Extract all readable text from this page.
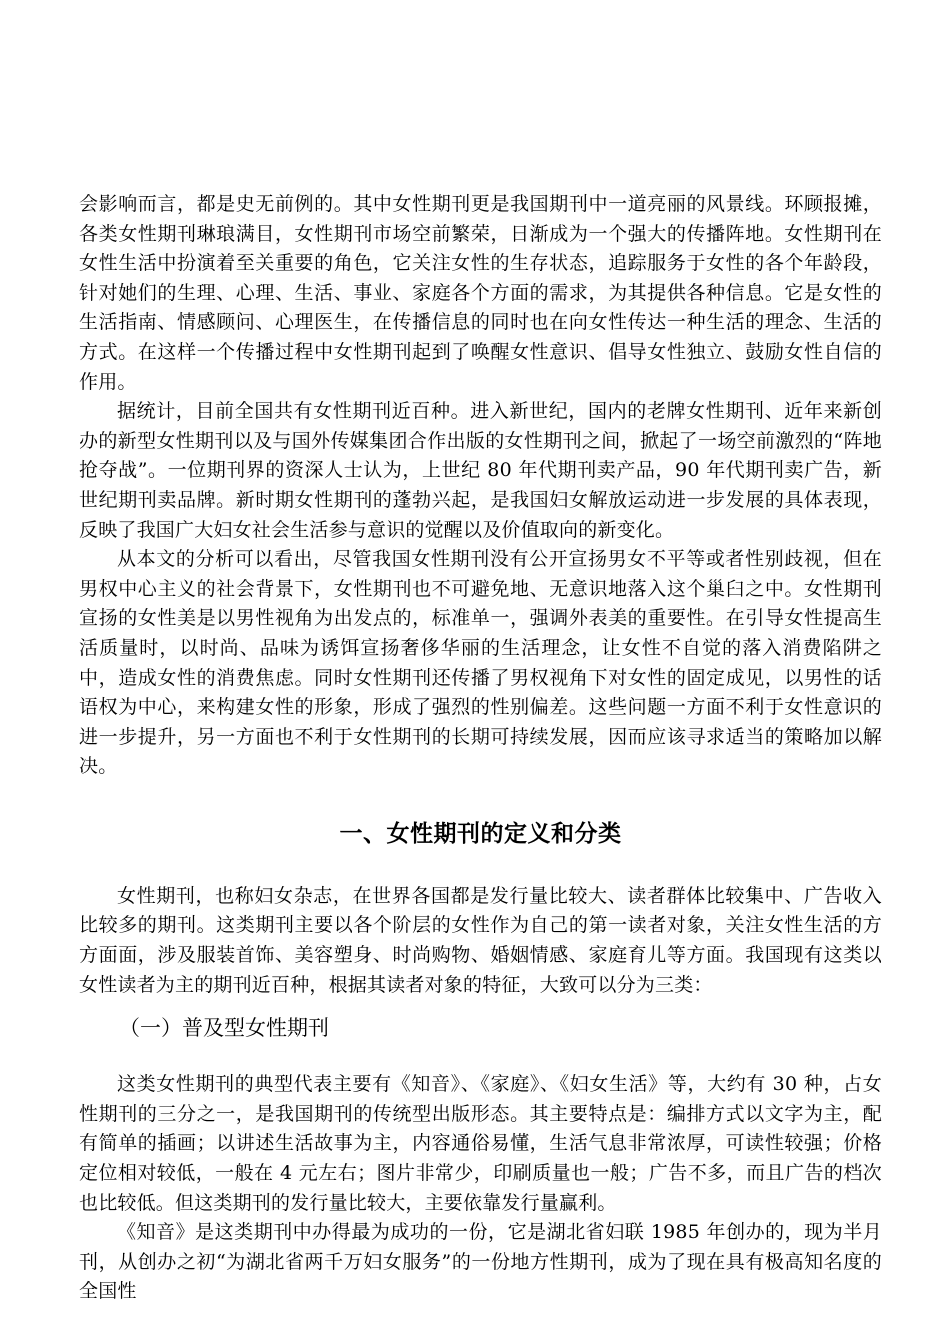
会影响而言，都是史无前例的。其中女性期刊更是我国期刊中一道亮丽的风景线。环顾报摊，各类女性期刊琳琅满目，女性期刊市场空前繁荣，日渐成为一个强大的传播阵地。女性期刊在女性生活中扮演着至关重要的角色，它关注女性的生存状态，追踪服务于女性的各个年龄段，针对她们的生理、心理、生活、事业、家庭各个方面的需求，为其提供各种信息。它是女性的生活指南、情感顾问、心理医生，在传播信息的同时也在向女性传达一种生活的理念、生活的方式。在这样一个传播过程中女性期刊起到了唤醒女性意识、倡导女性独立、鼓励女性自信的作用。

据统计，目前全国共有女性期刊近百种。进入新世纪，国内的老牌女性期刊、近年来新创办的新型女性期刊以及与国外传媒集团合作出版的女性期刊之间，掀起了一场空前激烈的“阵地抢夺战”。一位期刊界的资深人士认为，上世纪 80 年代期刊卖产品，90 年代期刊卖广告，新世纪期刊卖品牌。新时期女性期刊的蓬勃兴起，是我国妇女解放运动进一步发展的具体表现，反映了我国广大妇女社会生活参与意识的觉醒以及价值取向的新变化。

从本文的分析可以看出，尽管我国女性期刊没有公开宣扬男女不平等或者性别歧视，但在男权中心主义的社会背景下，女性期刊也不可避免地、无意识地落入这个巢臼之中。女性期刊宣扬的女性美是以男性视角为出发点的，标准单一，强调外表美的重要性。在引导女性提高生活质量时，以时尚、品味为诱饵宣扬奢侈华丽的生活理念，让女性不自觉的落入消费陷阱之中，造成女性的消费焦虑。同时女性期刊还传播了男权视角下对女性的固定成见，以男性的话语权为中心，来构建女性的形象，形成了强烈的性别偏差。这些问题一方面不利于女性意识的进一步提升，另一方面也不利于女性期刊的长期可持续发展，因而应该寻求适当的策略加以解决。

一、女性期刊的定义和分类

女性期刊，也称妇女杂志，在世界各国都是发行量比较大、读者群体比较集中、广告收入比较多的期刊。这类期刊主要以各个阶层的女性作为自己的第一读者对象，关注女性生活的方方面面，涉及服装首饰、美容塑身、时尚购物、婚姻情感、家庭育儿等方面。我国现有这类以女性读者为主的期刊近百种，根据其读者对象的特征，大致可以分为三类：

（一）普及型女性期刊

这类女性期刊的典型代表主要有《知音》、《家庭》、《妇女生活》等，大约有 30 种，占女性期刊的三分之一，是我国期刊的传统型出版形态。其主要特点是：编排方式以文字为主，配有简单的插画；以讲述生活故事为主，内容通俗易懂，生活气息非常浓厚，可读性较强；价格定位相对较低，一般在 4 元左右；图片非常少，印刷质量也一般；广告不多，而且广告的档次也比较低。但这类期刊的发行量比较大，主要依靠发行量赢利。

《知音》是这类期刊中办得最为成功的一份，它是湖北省妇联 1985 年创办的，现为半月刊，从创办之初“为湖北省两千万妇女服务”的一份地方性期刊，成为了现在具有极高知名度的全国性
